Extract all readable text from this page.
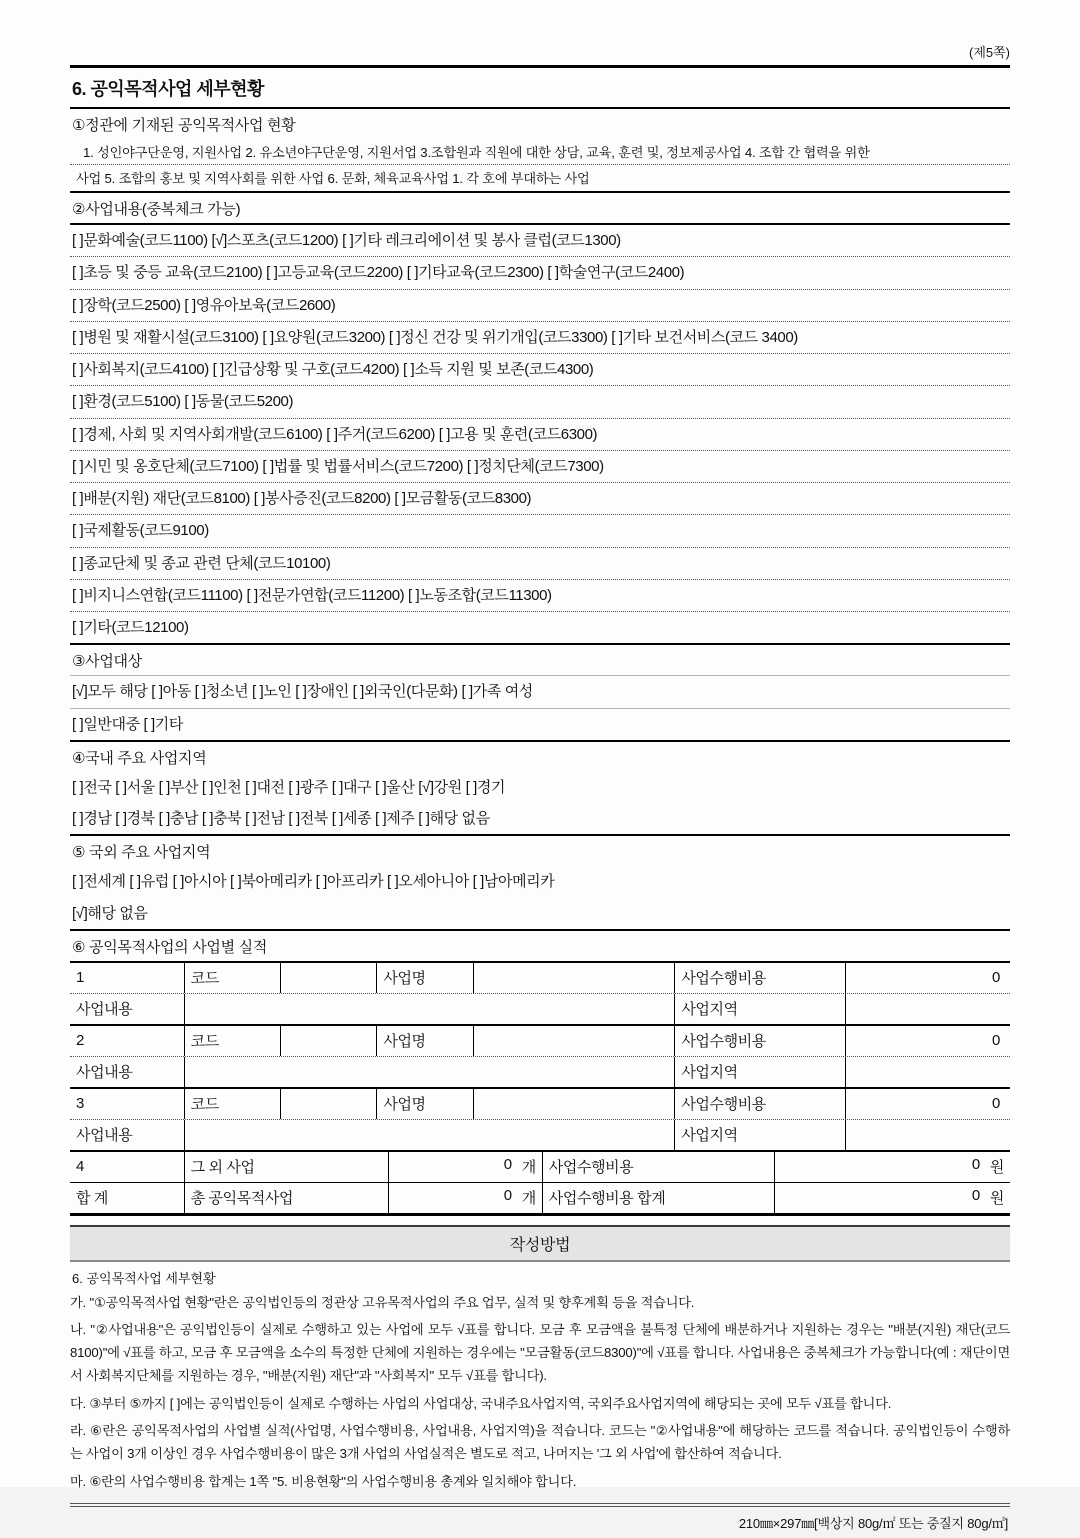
(제5쪽)
6. 공익목적사업 세부현황
①정관에 기재된 공익목적사업 현황
1. 성인야구단운영, 지원사업 2. 유소년야구단운영, 지원서업 3.조합원과 직원에 대한 상담, 교육, 훈련 및, 정보제공사업 4. 조합 간 협력을 위한
사업 5. 조합의 홍보 및 지역사회를 위한 사업 6. 문화, 체육교육사업 1. 각 호에 부대하는 사업
②사업내용(중복체크 가능)
[ ]문화예술(코드1100) [√]스포츠(코드1200) [ ]기타 레크리에이션 및 봉사 클럽(코드1300)
[ ]초등 및 중등 교육(코드2100) [ ]고등교육(코드2200) [ ]기타교육(코드2300) [ ]학술연구(코드2400)
[ ]장학(코드2500) [ ]영유아보육(코드2600)
[ ]병원 및 재활시설(코드3100) [ ]요양원(코드3200) [ ]정신 건강 및 위기개입(코드3300) [ ]기타 보건서비스(코드 3400)
[ ]사회복지(코드4100) [ ]긴급상황 및 구호(코드4200) [ ]소득 지원 및 보존(코드4300)
[ ]환경(코드5100) [ ]동물(코드5200)
[ ]경제, 사회 및 지역사회개발(코드6100) [ ]주거(코드6200) [ ]고용 및 훈련(코드6300)
[ ]시민 및 옹호단체(코드7100) [ ]법률 및 법률서비스(코드7200) [ ]정치단체(코드7300)
[ ]배분(지원) 재단(코드8100) [ ]봉사증진(코드8200) [ ]모금활동(코드8300)
[ ]국제활동(코드9100)
[ ]종교단체 및 종교 관련 단체(코드10100)
[ ]비지니스연합(코드11100) [ ]전문가연합(코드11200) [ ]노동조합(코드11300)
[ ]기타(코드12100)
③사업대상
[√]모두 해당 [ ]아동 [ ]청소년 [ ]노인 [ ]장애인 [ ]외국인(다문화) [ ]가족 여성
[ ]일반대중 [ ]기타
④국내 주요 사업지역
[ ]전국 [ ]서울 [ ]부산 [ ]인천 [ ]대전 [ ]광주 [ ]대구 [ ]울산 [√]강원 [ ]경기
[ ]경남 [ ]경북 [ ]충남 [ ]충북 [ ]전남 [ ]전북 [ ]세종 [ ]제주 [ ]해당 없음
⑤ 국외 주요 사업지역
[ ]전세계 [ ]유럽 [ ]아시아 [ ]북아메리카 [ ]아프리카 [ ]오세아니아 [ ]남아메리카
[√]해당 없음
⑥ 공익목적사업의 사업별 실적
1	코드	사업명	사업수행비용	0
사업내용	사업지역
2	코드	사업명	사업수행비용	0
사업내용	사업지역
3	코드	사업명	사업수행비용	0
사업내용	사업지역
4	그 외 사업	0 개 사업수행비용	0 원
합 계	총 공익목적사업	0 개 사업수행비용 합계	0 원
작성방법
6. 공익목적사업 세부현황

가. "①공익목적사업 현황"란은 공익법인등의 정관상 고유목적사업의 주요 업무, 실적 및 향후계획 등을 적습니다.

나. "②사업내용"은 공익법인등이 실제로 수행하고 있는 사업에 모두 √표를 합니다. 모금 후 모금액을 불특정 단체에 배분하거나 지원하는 경우는 "배분(지원) 재단(코드8100)"에 √표를 하고, 모금 후 모금액을 소수의 특정한 단체에 지원하는 경우에는 "모금활동(코드8300)"에 √표를 합니다. 사업내용은 중복체크가 가능합니다(예 : 재단이면서 사회복지단체를 지원하는 경우, "배분(지원) 재단"과 "사회복지" 모두 √표를 합니다).

다. ③부터 ⑤까지 [ ]에는 공익법인등이 실제로 수행하는 사업의 사업대상, 국내주요사업지역, 국외주요사업지역에 해당되는 곳에 모두 √표를 합니다.

라. ⑥란은 공익목적사업의 사업별 실적(사업명, 사업수행비용, 사업내용, 사업지역)을 적습니다. 코드는 "②사업내용"에 해당하는 코드를 적습니다. 공익법인등이 수행하는 사업이 3개 이상인 경우 사업수행비용이 많은 3개 사업의 사업실적은 별도로 적고, 나머지는 '그 외 사업'에 합산하여 적습니다.

마. ⑥란의 사업수행비용 합계는 1쪽 "5. 비용현황"의 사업수행비용 총계와 일치해야 합니다.

210㎜×297㎜[백상지 80g/㎡ 또는 중질지 80g/㎡]
